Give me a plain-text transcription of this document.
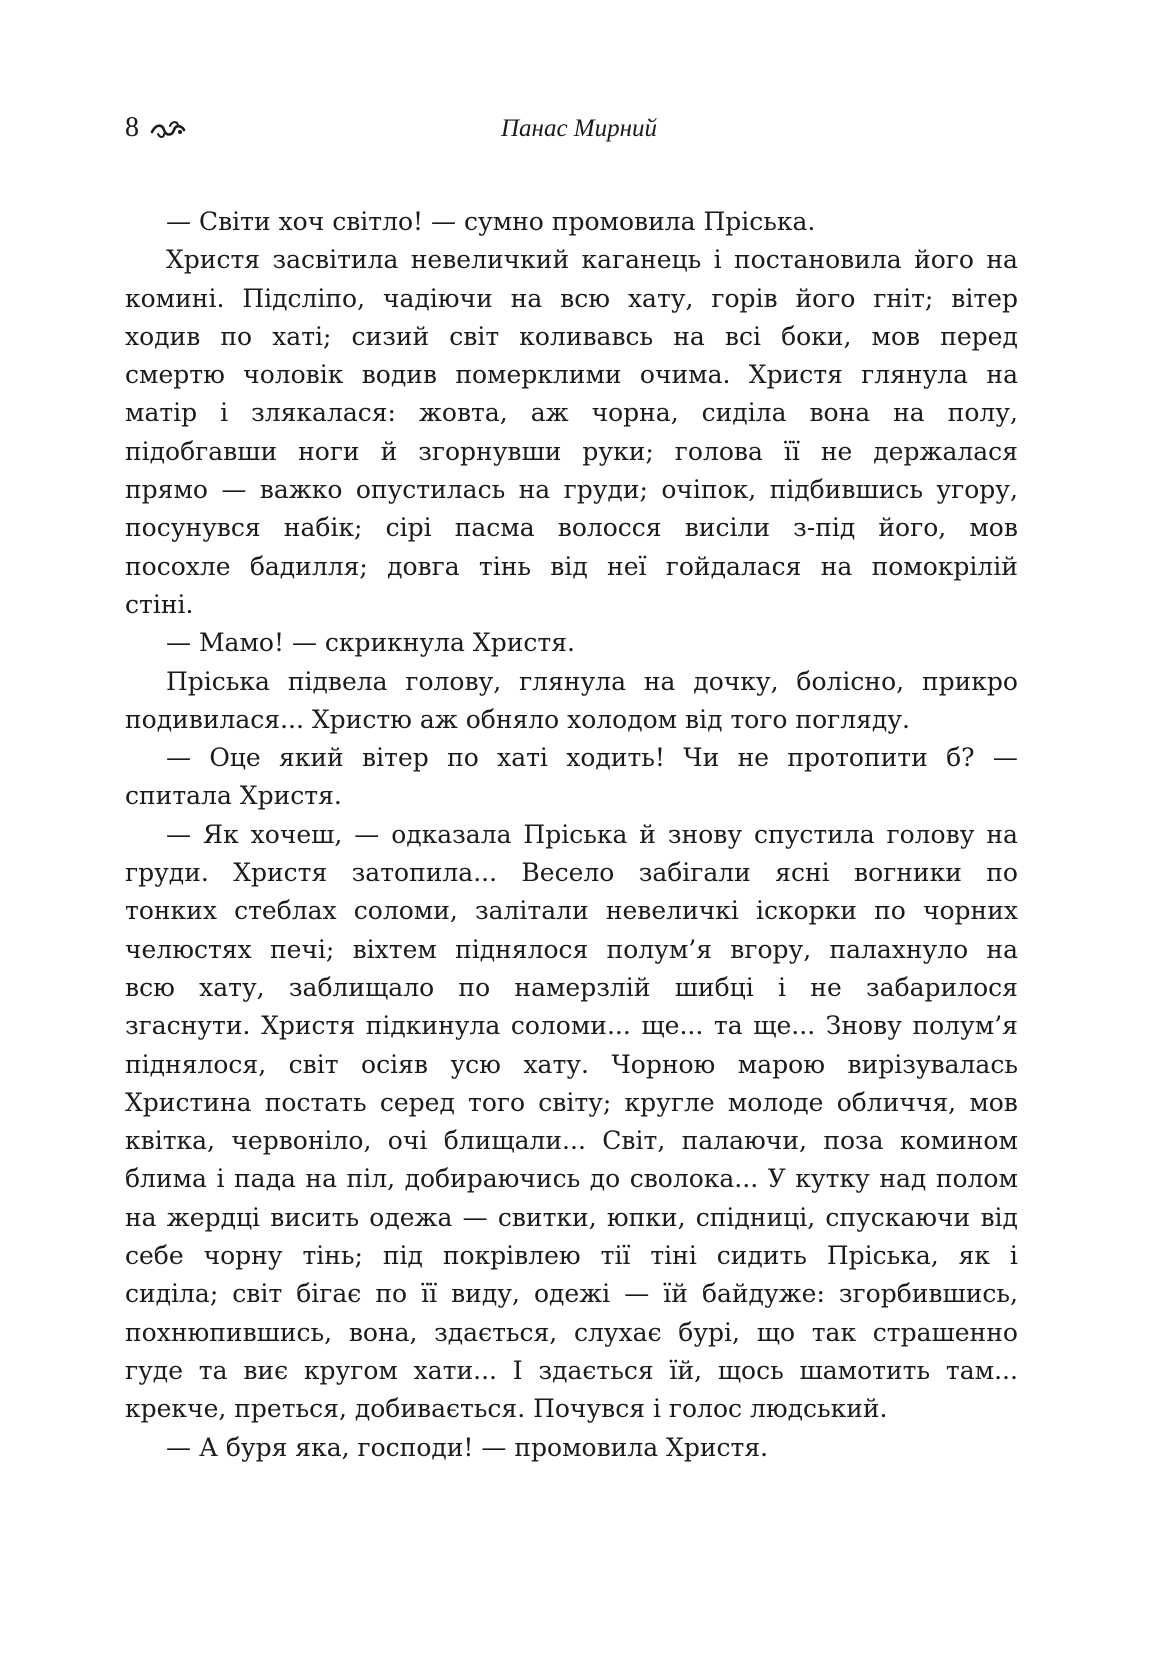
8	Панас Мирний
— Світи хоч світло! — сумно промовила Пріська.
Христя засвітила невеличкий каганець і постановила його на
комині. Підсліпо, чадіючи на всю хату, горів його гніт; вітер
ходив по хаті; сизий світ коливавсь на всі боки, мов перед
смертю чоловік водив померклими очима. Христя глянула на
матір і злякалася: жовта, аж чорна, сиділа вона на полу,
підобгавши ноги й згорнувши руки; голова її не держалася
прямо — важко опустилась на груди; очіпок, підбившись угору,
посунувся набік; сірі пасма волосся висіли з-під його, мов
посохле бадилля; довга тінь від неї гойдалася на помокрілій
стіні.
— Мамо! — скрикнула Христя.
Пріська підвела голову, глянула на дочку, болісно, прикро
подивилася... Христю аж обняло холодом від того погляду.
— Оце який вітер по хаті ходить! Чи не протопити б? —
спитала Христя.
— Як хочеш, — одказала Пріська й знову спустила голову на
груди. Христя затопила... Весело забігали ясні вогники по
тонких стеблах соломи, залітали невеличкі іскорки по чорних
челюстях печі; віхтем піднялося полум’я вгору, палахнуло на
всю хату, заблищало по намерзлій шибці і не забарилося
згаснути. Христя підкинула соломи... ще... та ще... Знову полум’я
піднялося, світ осіяв усю хату. Чорною марою вирізувалась
Христина постать серед того світу; кругле молоде обличчя, мов
квітка, червоніло, очі блищали... Світ, палаючи, поза комином
блима і пада на піл, добираючись до сволока... У кутку над полом
на жердці висить одежа — свитки, юпки, спідниці, спускаючи від
себе чорну тінь; під покрівлею тії тіні сидить Пріська, як і
сиділа; світ бігає по її виду, одежі — їй байдуже: згорбившись,
похнюпившись, вона, здається, слухає бурі, що так страшенно
гуде та виє кругом хати... І здається їй, щось шамотить там...
крекче, преться, добивається. Почувся і голос людський.
— А буря яка, господи! — промовила Христя.
